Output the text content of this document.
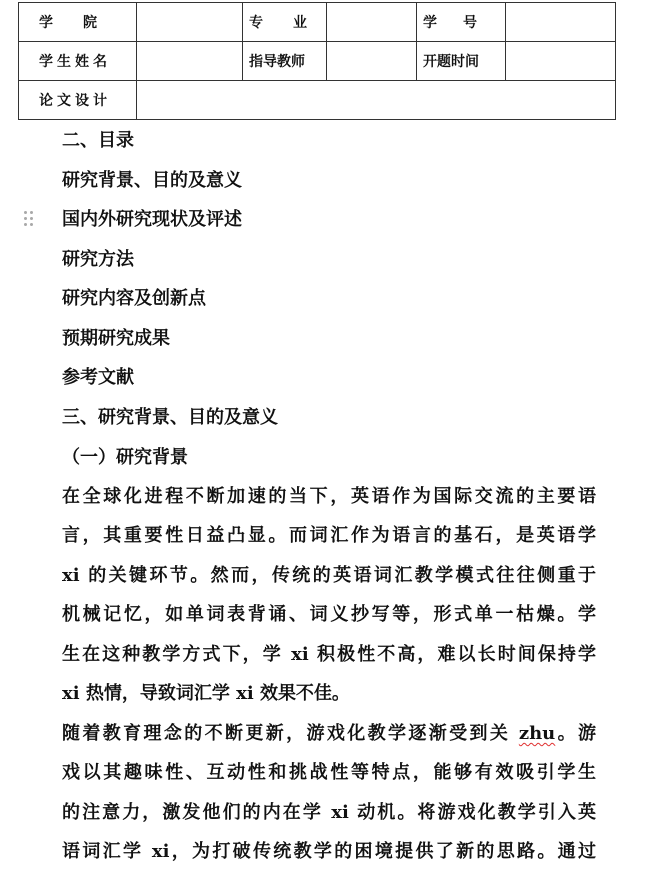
学院		专业		学号	
学生姓名		指导教师		开题时间	
论文设计					
二、目录
研究背景、目的及意义
国内外研究现状及评述
研究方法
研究内容及创新点
预期研究成果
参考文献
三、研究背景、目的及意义
（一）研究背景
在全球化进程不断加速的当下，英语作为国际交流的主要语
言，其重要性日益凸显。而词汇作为语言的基石，是英语学
xi 的关键环节。然而，传统的英语词汇教学模式往往侧重于
机械记忆，如单词表背诵、词义抄写等，形式单一枯燥。学
生在这种教学方式下，学 xi 积极性不高，难以长时间保持学
xi 热情，导致词汇学 xi 效果不佳。
随着教育理念的不断更新，游戏化教学逐渐受到关 zhu。游
戏以其趣味性、互动性和挑战性等特点，能够有效吸引学生
的注意力，激发他们的内在学 xi 动机。将游戏化教学引入英
语词汇学 xi，为打破传统教学的困境提供了新的思路。通过
